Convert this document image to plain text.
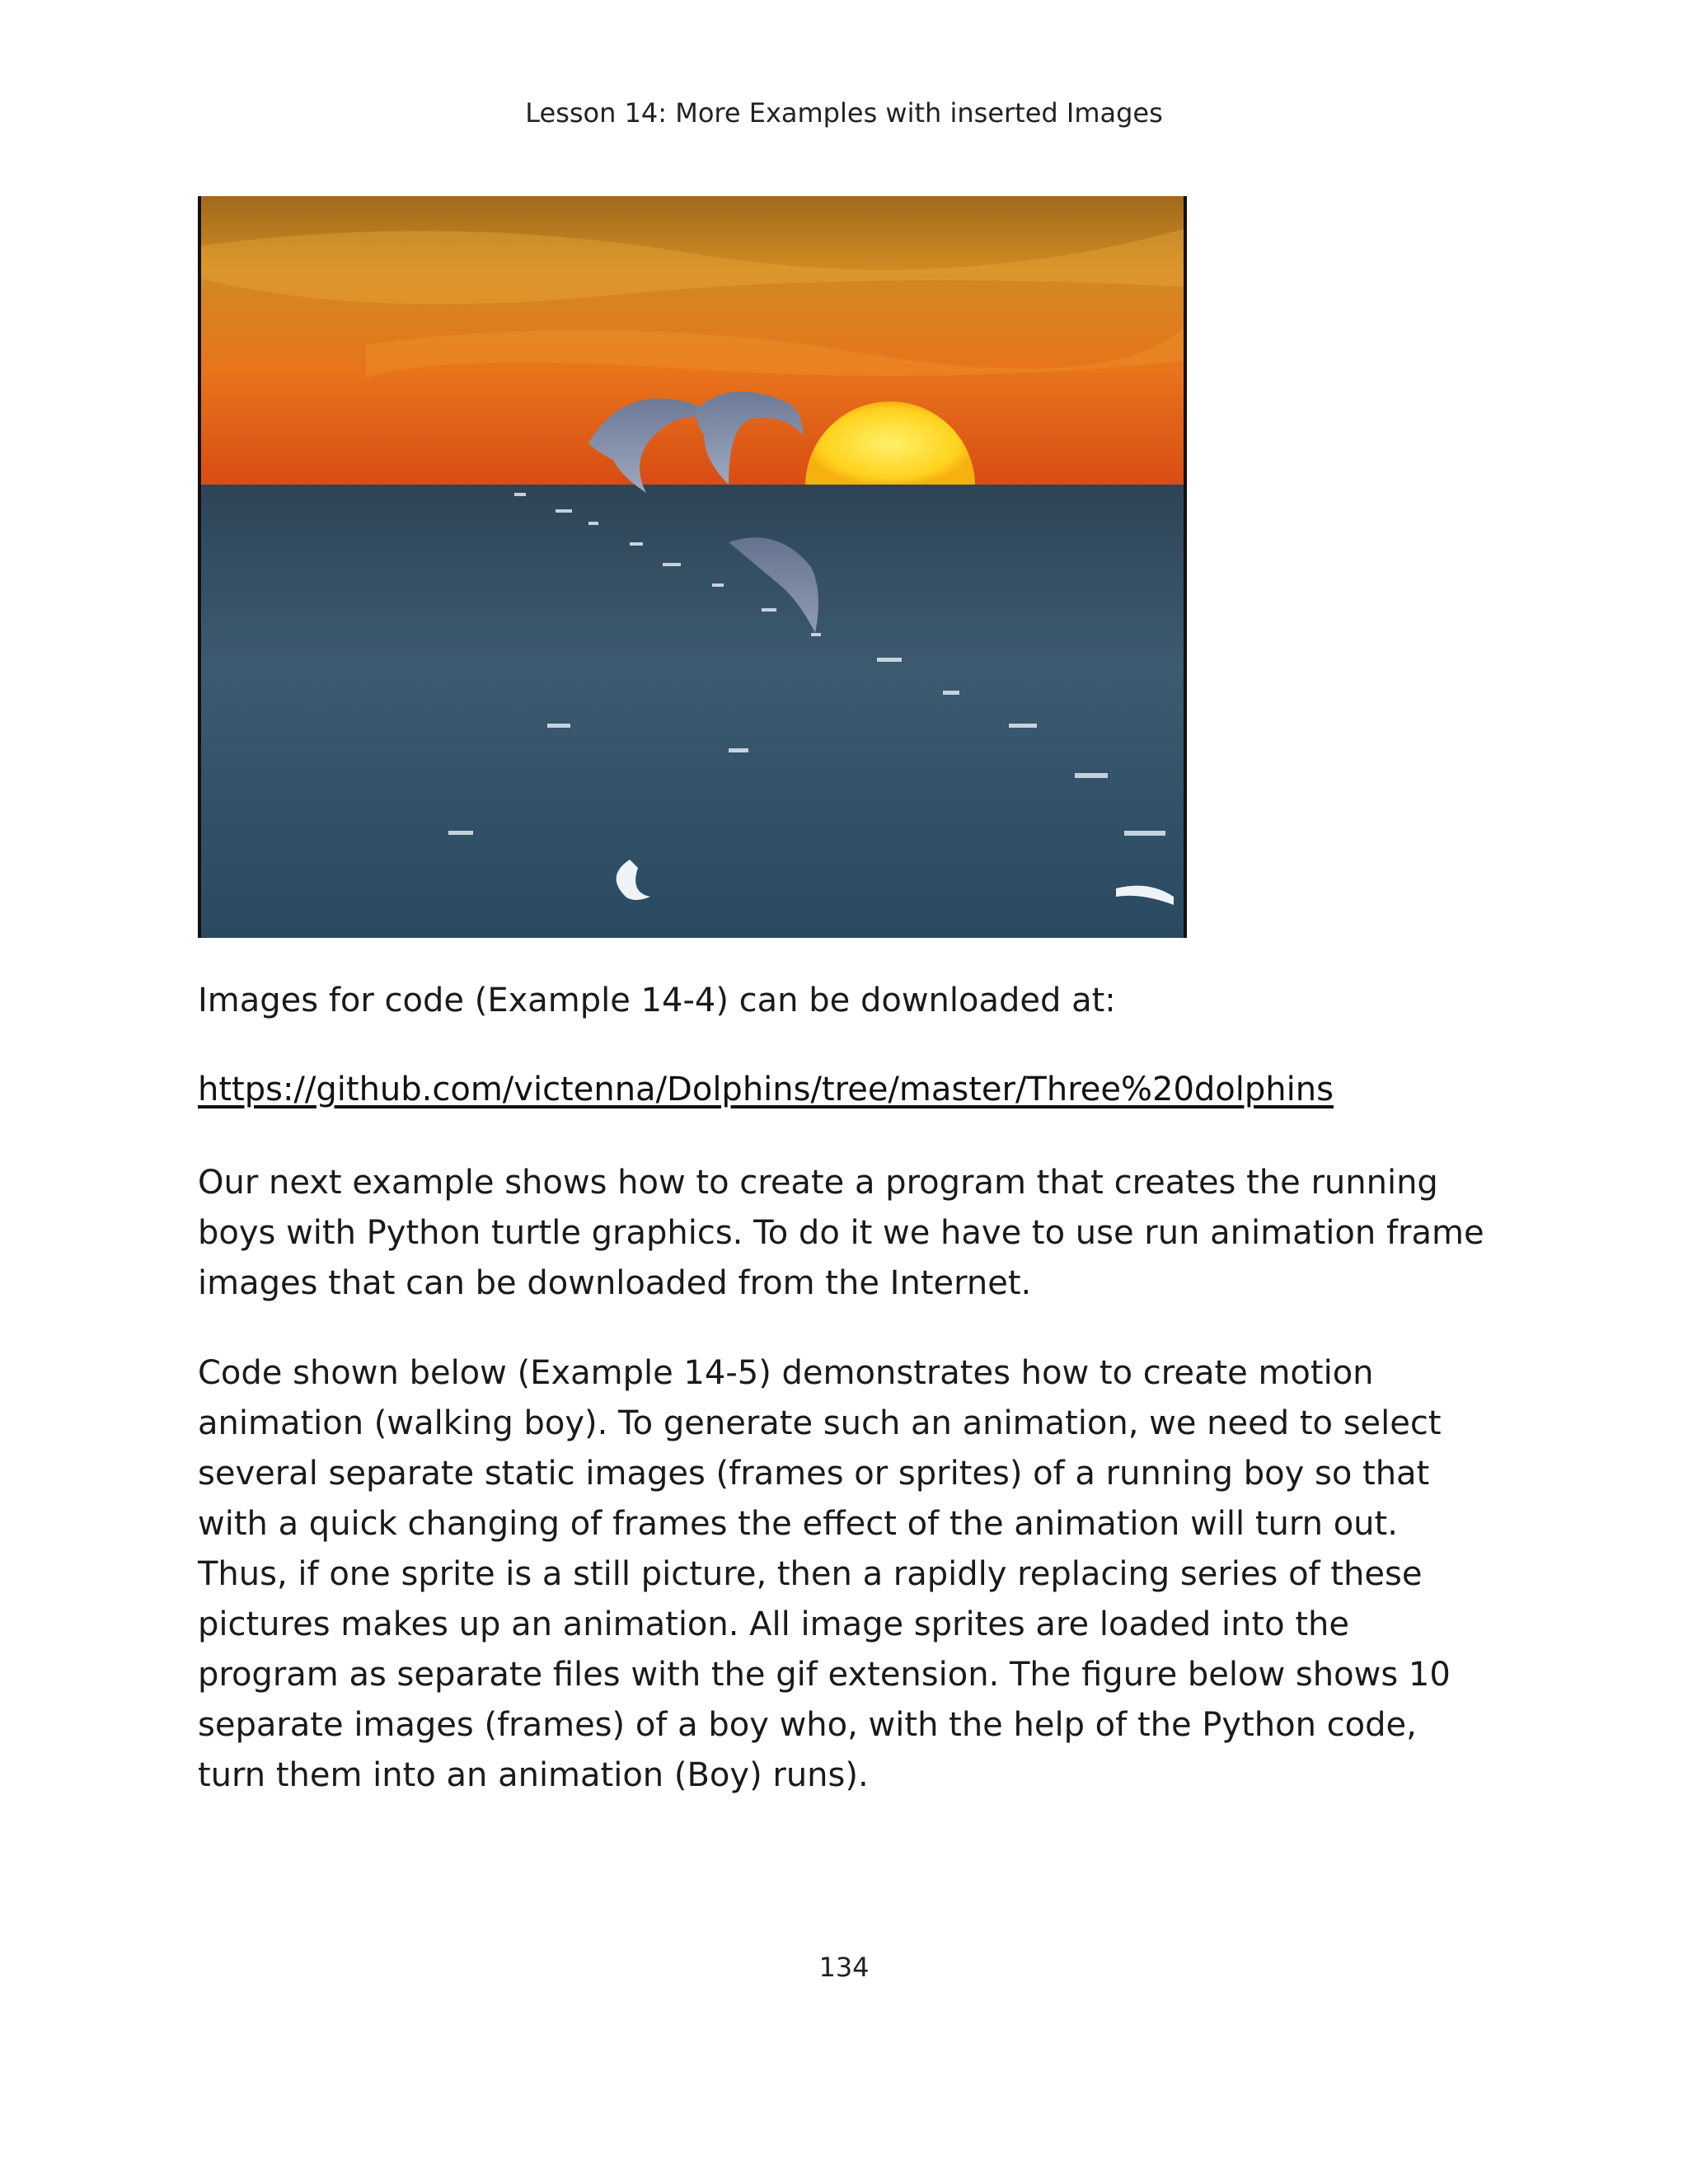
Lesson 14: More Examples with inserted Images
Images for code (Example 14-4) can be downloaded at:
https://github.com/victenna/Dolphins/tree/master/Three%20dolphins
Our next example shows how to create a program that creates the running
boys with Python turtle graphics. To do it we have to use run animation frame
images that can be downloaded from the Internet.
Code shown below (Example 14-5) demonstrates how to create motion
animation (walking boy). To generate such an animation, we need to select
several separate static images (frames or sprites) of a running boy so that
with a quick changing of frames the effect of the animation will turn out.
Thus, if one sprite is a still picture, then a rapidly replacing series of these
pictures makes up an animation. All image sprites are loaded into the
program as separate files with the gif extension. The figure below shows 10
separate images (frames) of a boy who, with the help of the Python code,
turn them into an animation (Boy) runs).
134
